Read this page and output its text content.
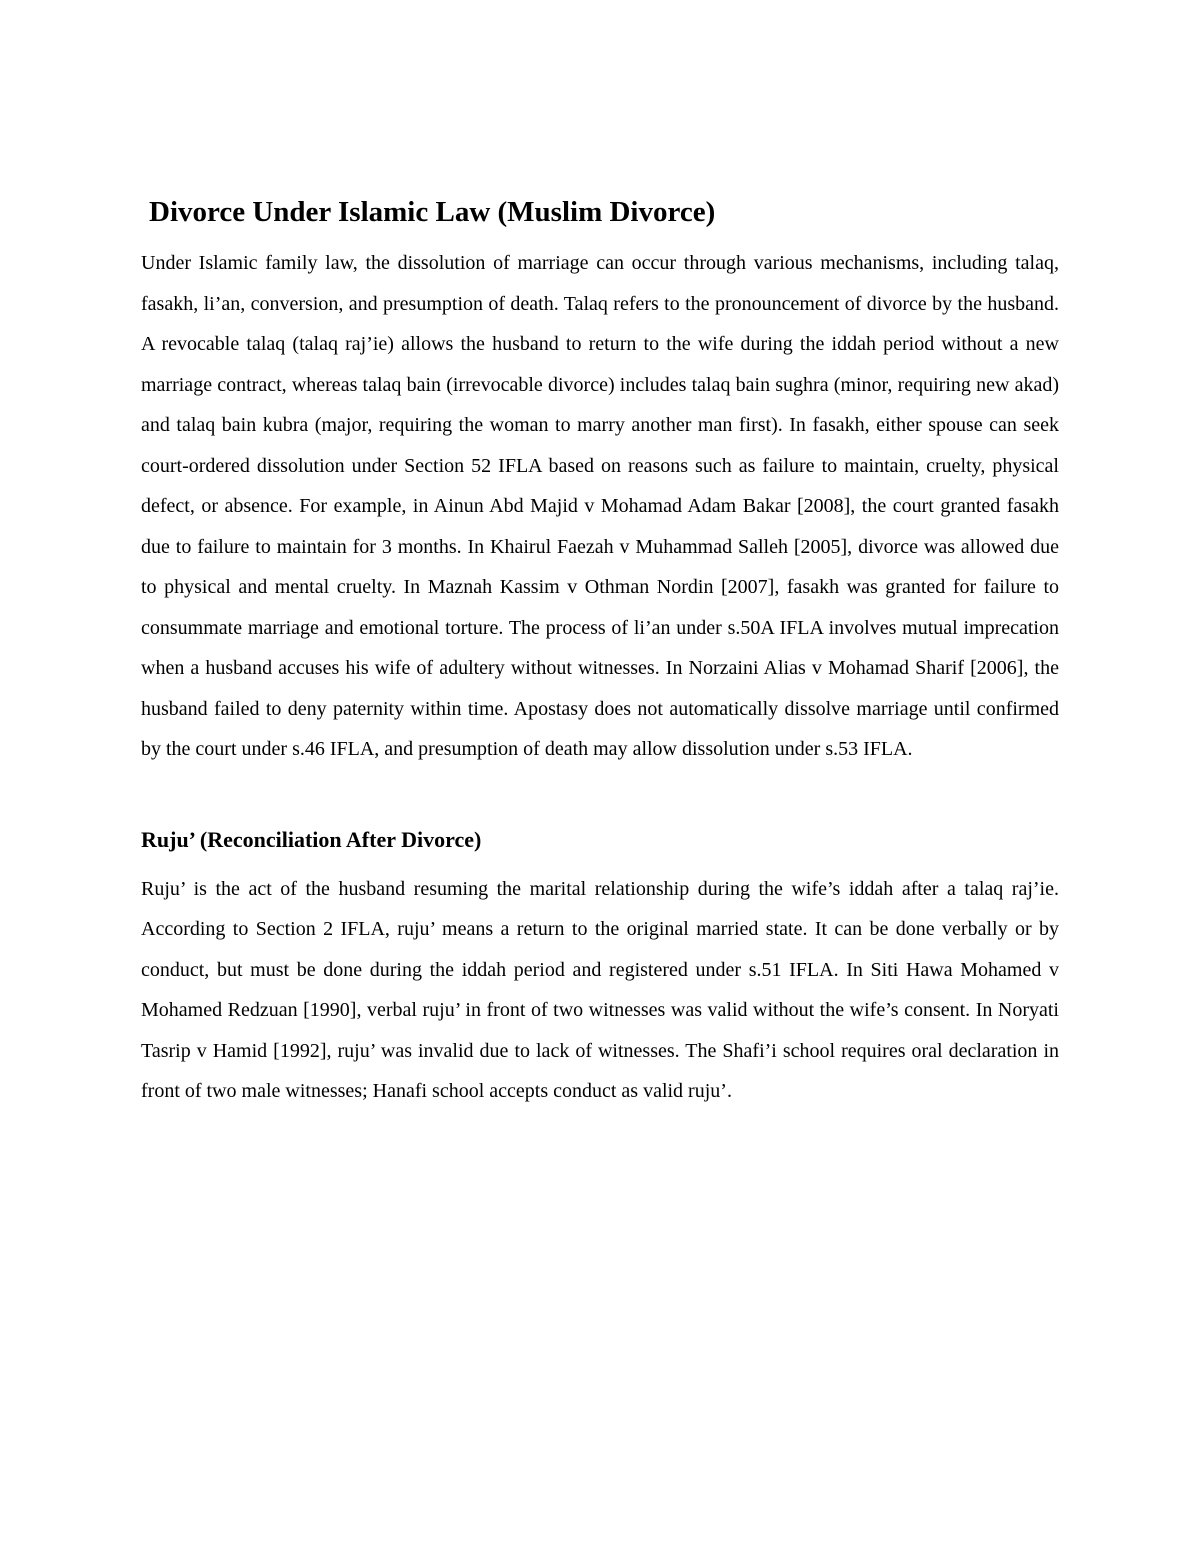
Divorce Under Islamic Law (Muslim Divorce)

Under Islamic family law, the dissolution of marriage can occur through various mechanisms, including talaq, fasakh, li’an, conversion, and presumption of death. Talaq refers to the pronouncement of divorce by the husband. A revocable talaq (talaq raj’ie) allows the husband to return to the wife during the iddah period without a new marriage contract, whereas talaq bain (irrevocable divorce) includes talaq bain sughra (minor, requiring new akad) and talaq bain kubra (major, requiring the woman to marry another man first). In fasakh, either spouse can seek court-ordered dissolution under Section 52 IFLA based on reasons such as failure to maintain, cruelty, physical defect, or absence. For example, in Ainun Abd Majid v Mohamad Adam Bakar [2008], the court granted fasakh due to failure to maintain for 3 months. In Khairul Faezah v Muhammad Salleh [2005], divorce was allowed due to physical and mental cruelty. In Maznah Kassim v Othman Nordin [2007], fasakh was granted for failure to consummate marriage and emotional torture. The process of li’an under s.50A IFLA involves mutual imprecation when a husband accuses his wife of adultery without witnesses. In Norzaini Alias v Mohamad Sharif [2006], the husband failed to deny paternity within time. Apostasy does not automatically dissolve marriage until confirmed by the court under s.46 IFLA, and presumption of death may allow dissolution under s.53 IFLA.

Ruju’ (Reconciliation After Divorce)

Ruju’ is the act of the husband resuming the marital relationship during the wife’s iddah after a talaq raj’ie. According to Section 2 IFLA, ruju’ means a return to the original married state. It can be done verbally or by conduct, but must be done during the iddah period and registered under s.51 IFLA. In Siti Hawa Mohamed v Mohamed Redzuan [1990], verbal ruju’ in front of two witnesses was valid without the wife’s consent. In Noryati Tasrip v Hamid [1992], ruju’ was invalid due to lack of witnesses. The Shafi’i school requires oral declaration in front of two male witnesses; Hanafi school accepts conduct as valid ruju’.
